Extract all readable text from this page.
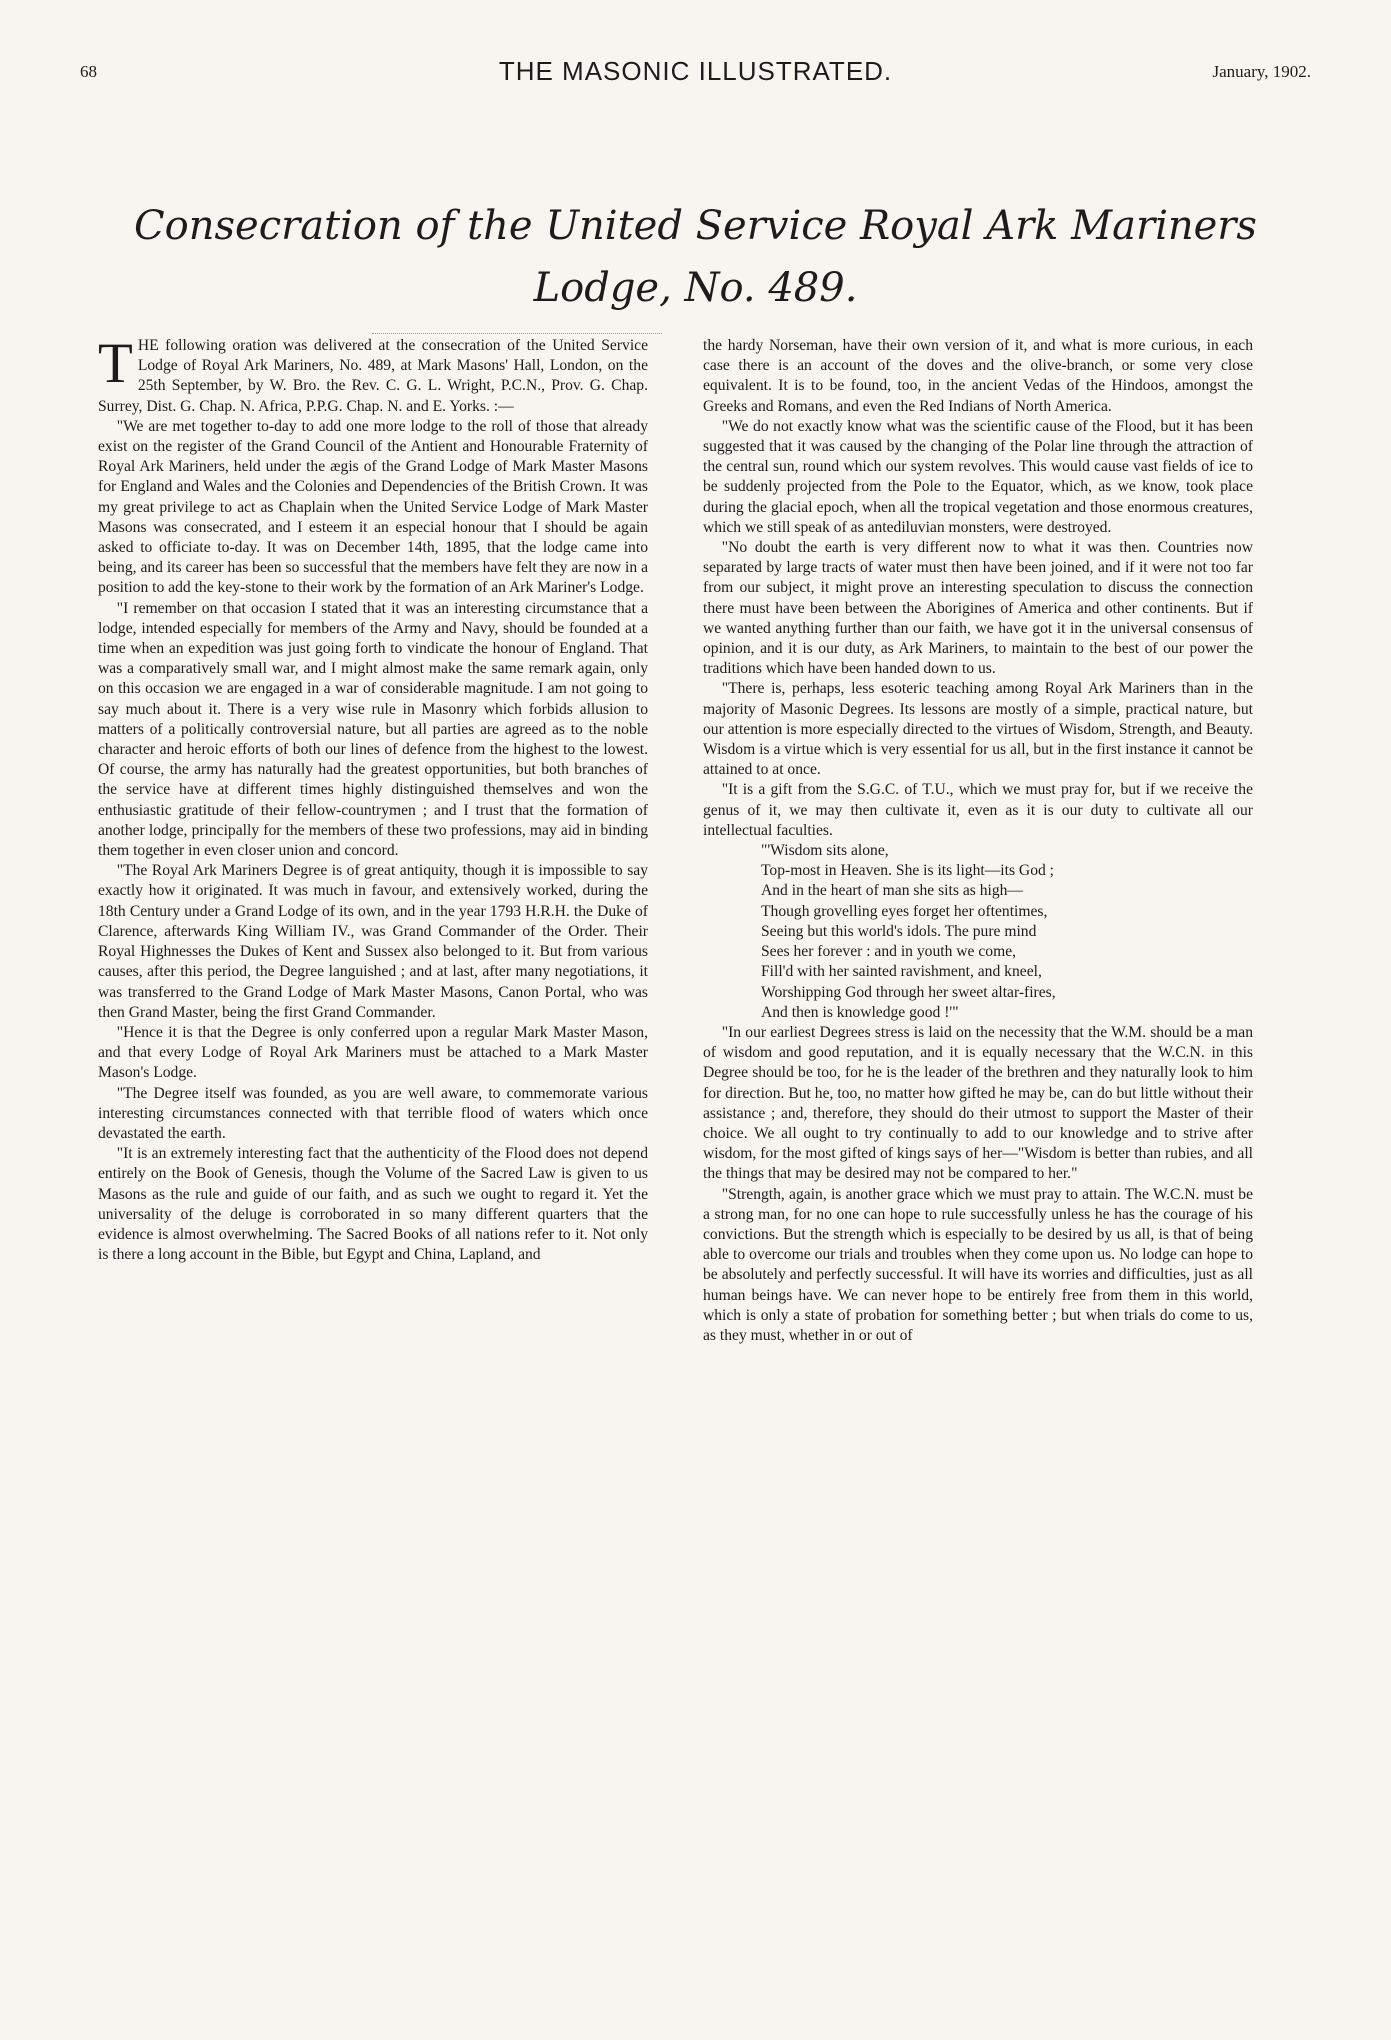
68	THE MASONIC ILLUSTRATED.	January, 1902.
Consecration of the United Service Royal Ark Mariners Lodge, No. 489.

THE following oration was delivered at the consecration of the United Service Lodge of Royal Ark Mariners, No. 489, at Mark Masons' Hall, London, on the 25th September, by W. Bro. the Rev. C. G. L. Wright, P.C.N., Prov. G. Chap. Surrey, Dist. G. Chap. N. Africa, P.P.G. Chap. N. and E. Yorks. :—

"We are met together to-day to add one more lodge to the roll of those that already exist on the register of the Grand Council of the Antient and Honourable Fraternity of Royal Ark Mariners, held under the ægis of the Grand Lodge of Mark Master Masons for England and Wales and the Colonies and Dependencies of the British Crown. It was my great privilege to act as Chaplain when the United Service Lodge of Mark Master Masons was consecrated, and I esteem it an especial honour that I should be again asked to officiate to-day. It was on December 14th, 1895, that the lodge came into being, and its career has been so successful that the members have felt they are now in a position to add the key-stone to their work by the formation of an Ark Mariner's Lodge.

"I remember on that occasion I stated that it was an interesting circumstance that a lodge, intended especially for members of the Army and Navy, should be founded at a time when an expedition was just going forth to vindicate the honour of England. That was a comparatively small war, and I might almost make the same remark again, only on this occasion we are engaged in a war of considerable magnitude. I am not going to say much about it. There is a very wise rule in Masonry which forbids allusion to matters of a politically controversial nature, but all parties are agreed as to the noble character and heroic efforts of both our lines of defence from the highest to the lowest. Of course, the army has naturally had the greatest opportunities, but both branches of the service have at different times highly distinguished themselves and won the enthusiastic gratitude of their fellow-countrymen ; and I trust that the formation of another lodge, principally for the members of these two professions, may aid in binding them together in even closer union and concord.

"The Royal Ark Mariners Degree is of great antiquity, though it is impossible to say exactly how it originated. It was much in favour, and extensively worked, during the 18th Century under a Grand Lodge of its own, and in the year 1793 H.R.H. the Duke of Clarence, afterwards King William IV., was Grand Commander of the Order. Their Royal Highnesses the Dukes of Kent and Sussex also belonged to it. But from various causes, after this period, the Degree languished ; and at last, after many negotiations, it was transferred to the Grand Lodge of Mark Master Masons, Canon Portal, who was then Grand Master, being the first Grand Commander.

"Hence it is that the Degree is only conferred upon a regular Mark Master Mason, and that every Lodge of Royal Ark Mariners must be attached to a Mark Master Mason's Lodge.

"The Degree itself was founded, as you are well aware, to commemorate various interesting circumstances connected with that terrible flood of waters which once devastated the earth.

"It is an extremely interesting fact that the authenticity of the Flood does not depend entirely on the Book of Genesis, though the Volume of the Sacred Law is given to us Masons as the rule and guide of our faith, and as such we ought to regard it. Yet the universality of the deluge is corroborated in so many different quarters that the evidence is almost overwhelming. The Sacred Books of all nations refer to it. Not only is there a long account in the Bible, but Egypt and China, Lapland, and

the hardy Norseman, have their own version of it, and what is more curious, in each case there is an account of the doves and the olive-branch, or some very close equivalent. It is to be found, too, in the ancient Vedas of the Hindoos, amongst the Greeks and Romans, and even the Red Indians of North America.

"We do not exactly know what was the scientific cause of the Flood, but it has been suggested that it was caused by the changing of the Polar line through the attraction of the central sun, round which our system revolves. This would cause vast fields of ice to be suddenly projected from the Pole to the Equator, which, as we know, took place during the glacial epoch, when all the tropical vegetation and those enormous creatures, which we still speak of as antediluvian monsters, were destroyed.

"No doubt the earth is very different now to what it was then. Countries now separated by large tracts of water must then have been joined, and if it were not too far from our subject, it might prove an interesting speculation to discuss the connection there must have been between the Aborigines of America and other continents. But if we wanted anything further than our faith, we have got it in the universal consensus of opinion, and it is our duty, as Ark Mariners, to maintain to the best of our power the traditions which have been handed down to us.

"There is, perhaps, less esoteric teaching among Royal Ark Mariners than in the majority of Masonic Degrees. Its lessons are mostly of a simple, practical nature, but our attention is more especially directed to the virtues of Wisdom, Strength, and Beauty. Wisdom is a virtue which is very essential for us all, but in the first instance it cannot be attained to at once.

"It is a gift from the S.G.C. of T.U., which we must pray for, but if we receive the genus of it, we may then cultivate it, even as it is our duty to cultivate all our intellectual faculties.

"'Wisdom sits alone,
Top-most in Heaven. She is its light—its God ;
And in the heart of man she sits as high—
Though grovelling eyes forget her oftentimes,
Seeing but this world's idols. The pure mind
Sees her forever : and in youth we come,
Fill'd with her sainted ravishment, and kneel,
Worshipping God through her sweet altar-fires,
And then is knowledge good !'"

"In our earliest Degrees stress is laid on the necessity that the W.M. should be a man of wisdom and good reputation, and it is equally necessary that the W.C.N. in this Degree should be too, for he is the leader of the brethren and they naturally look to him for direction. But he, too, no matter how gifted he may be, can do but little without their assistance ; and, therefore, they should do their utmost to support the Master of their choice. We all ought to try continually to add to our knowledge and to strive after wisdom, for the most gifted of kings says of her—"Wisdom is better than rubies, and all the things that may be desired may not be compared to her."

"Strength, again, is another grace which we must pray to attain. The W.C.N. must be a strong man, for no one can hope to rule successfully unless he has the courage of his convictions. But the strength which is especially to be desired by us all, is that of being able to overcome our trials and troubles when they come upon us. No lodge can hope to be absolutely and perfectly successful. It will have its worries and difficulties, just as all human beings have. We can never hope to be entirely free from them in this world, which is only a state of probation for something better ; but when trials do come to us, as they must, whether in or out of
